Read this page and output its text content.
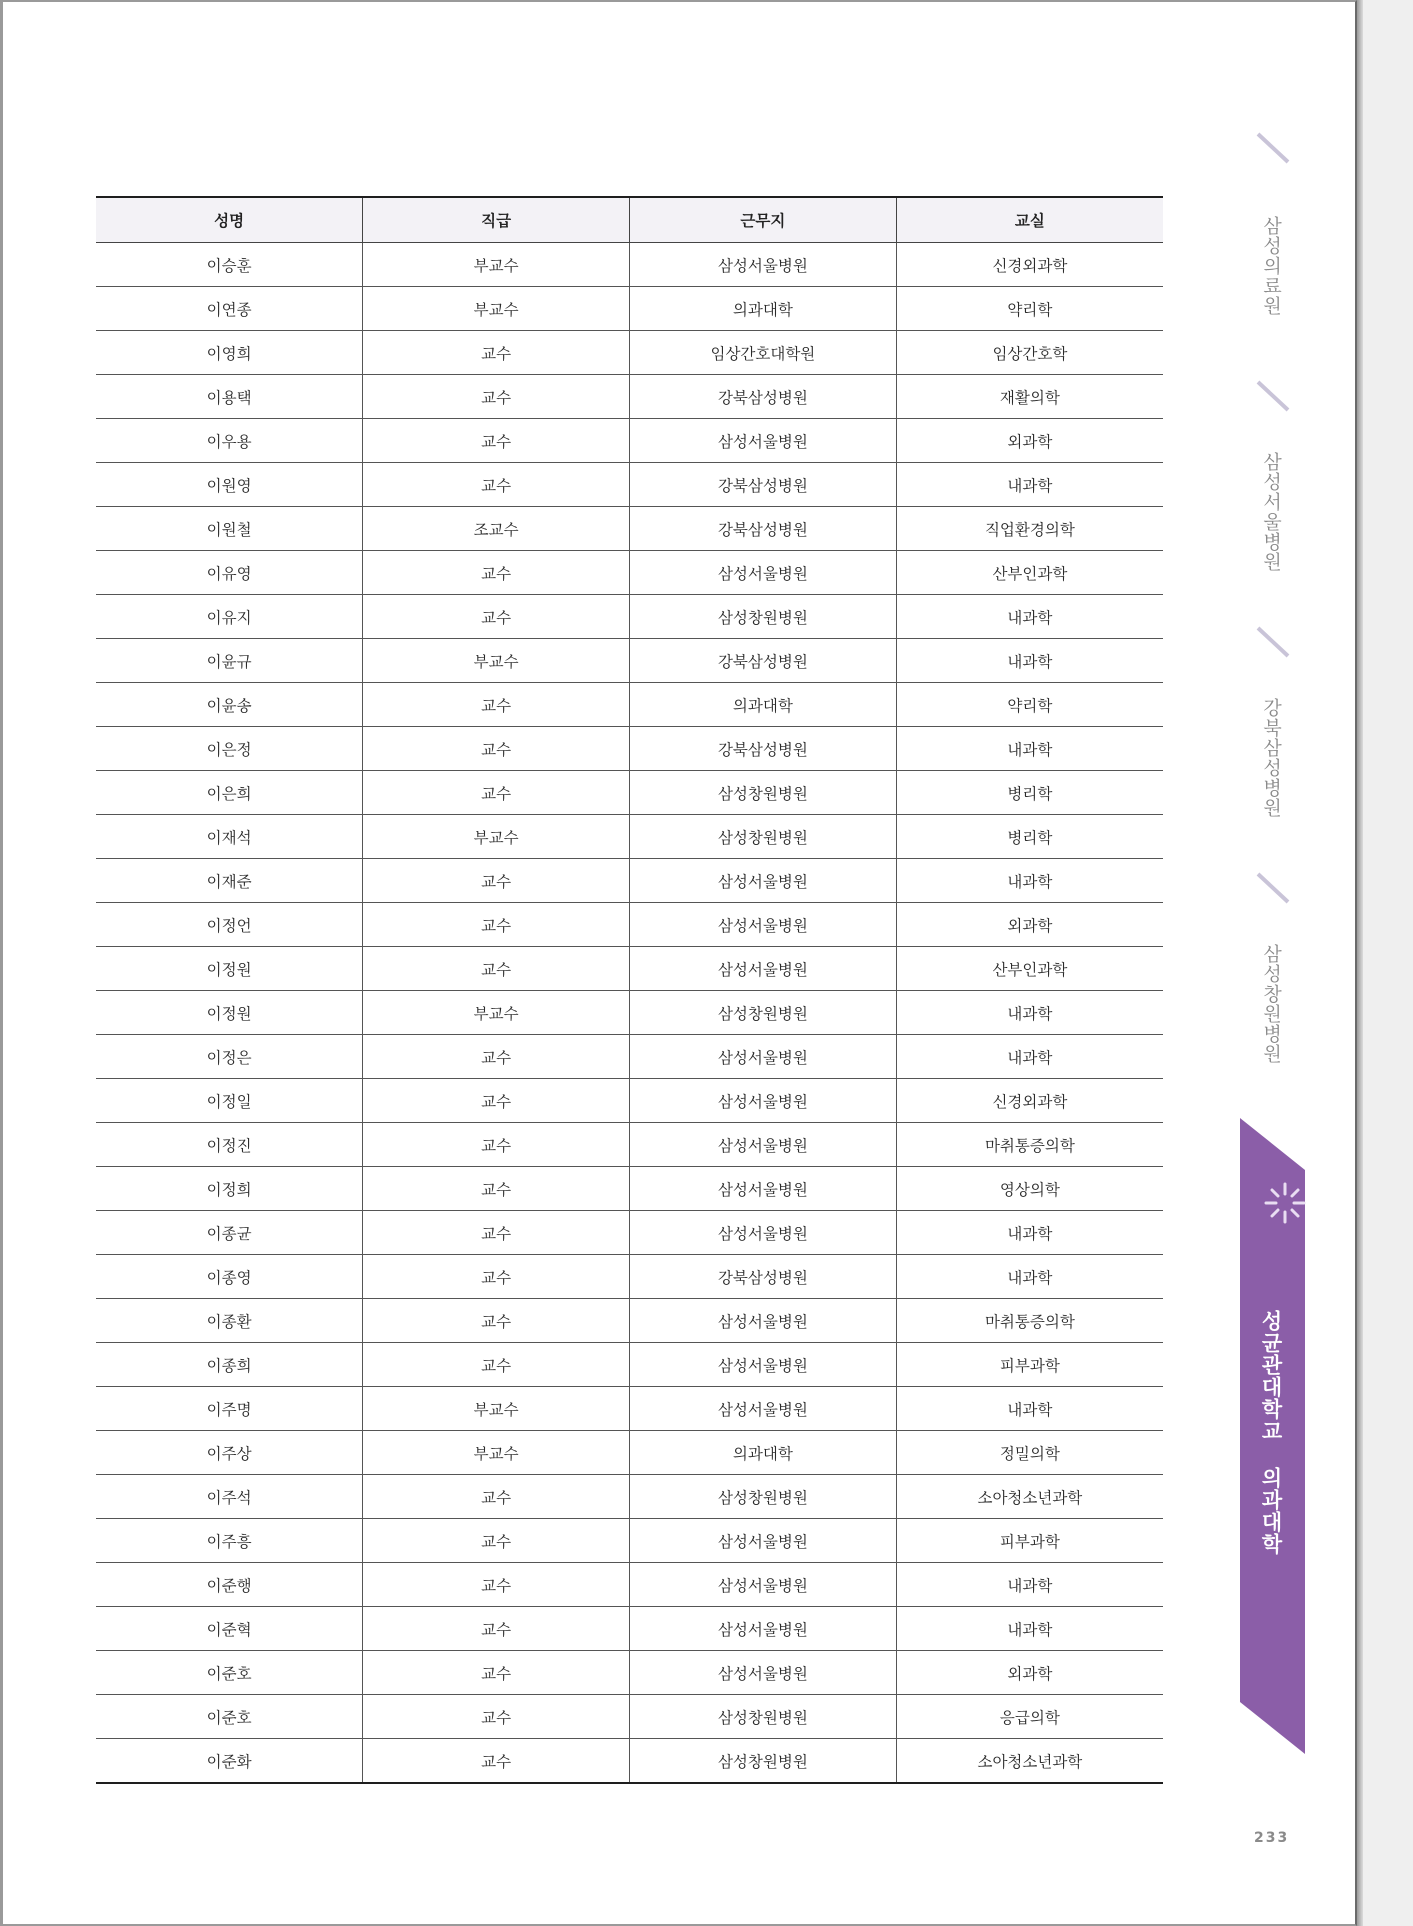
성명	직급	근무지	교실
이승훈	부교수	삼성서울병원	신경외과학
이연종	부교수	의과대학	약리학
이영희	교수	임상간호대학원	임상간호학
이용택	교수	강북삼성병원	재활의학
이우용	교수	삼성서울병원	외과학
이원영	교수	강북삼성병원	내과학
이원철	조교수	강북삼성병원	직업환경의학
이유영	교수	삼성서울병원	산부인과학
이유지	교수	삼성창원병원	내과학
이윤규	부교수	강북삼성병원	내과학
이윤송	교수	의과대학	약리학
이은정	교수	강북삼성병원	내과학
이은희	교수	삼성창원병원	병리학
이재석	부교수	삼성창원병원	병리학
이재준	교수	삼성서울병원	내과학
이정언	교수	삼성서울병원	외과학
이정원	교수	삼성서울병원	산부인과학
이정원	부교수	삼성창원병원	내과학
이정은	교수	삼성서울병원	내과학
이정일	교수	삼성서울병원	신경외과학
이정진	교수	삼성서울병원	마취통증의학
이정희	교수	삼성서울병원	영상의학
이종균	교수	삼성서울병원	내과학
이종영	교수	강북삼성병원	내과학
이종환	교수	삼성서울병원	마취통증의학
이종희	교수	삼성서울병원	피부과학
이주명	부교수	삼성서울병원	내과학
이주상	부교수	의과대학	정밀의학
이주석	교수	삼성창원병원	소아청소년과학
이주흥	교수	삼성서울병원	피부과학
이준행	교수	삼성서울병원	내과학
이준혁	교수	삼성서울병원	내과학
이준호	교수	삼성서울병원	외과학
이준호	교수	삼성창원병원	응급의학
이준화	교수	삼성창원병원	소아청소년과학
삼성의료원
삼성서울병원
강북삼성병원
삼성창원병원
성균관대학교 의과대학
233
